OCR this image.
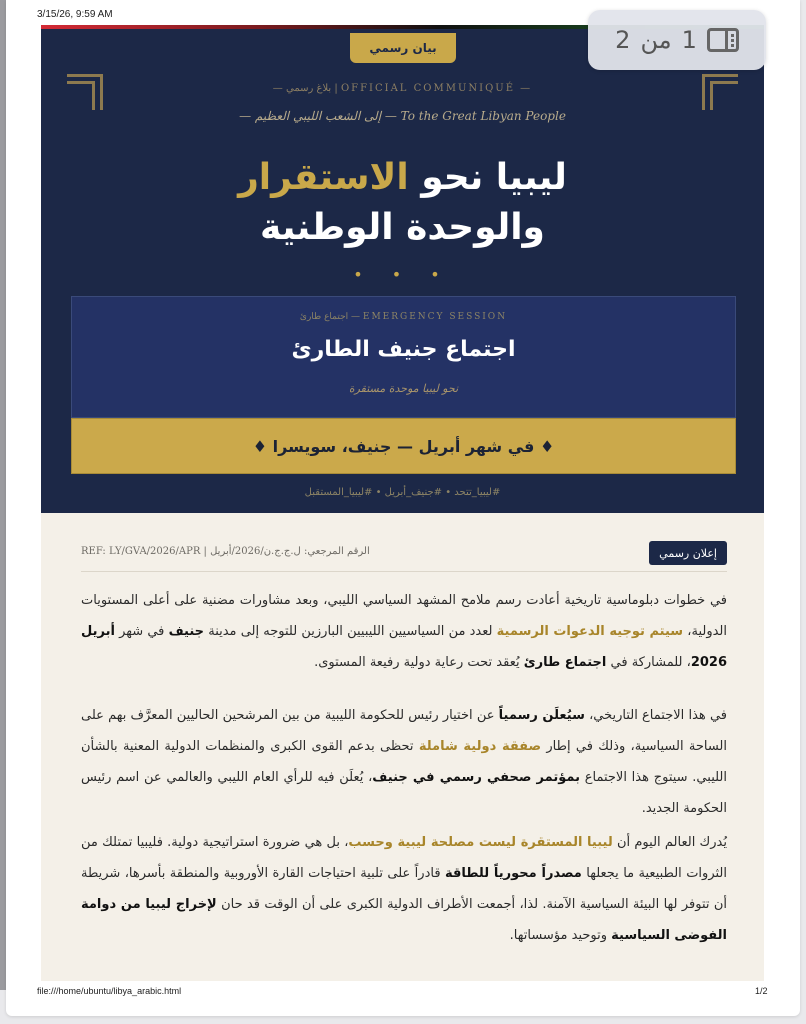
3/15/26, 9:59 AM
بيان رسمي
— بلاغ رسمي | OFFICIAL COMMUNIQUÉ —
— إلى الشعب الليبي العظيم — To the Great Libyan People
ليبيا نحو الاستقرار
والوحدة الوطنية
• • •
اجتماع طارئ — EMERGENCY SESSION
اجتماع جنيف الطارئ
نحو ليبيا موحدة مستقرة
♦ في شهر أبريل — جنيف، سويسرا ♦
#ليبيا_تتحد • #جنيف_أبريل • #ليبيا_المستقبل
إعلان رسمي
الرقم المرجعي: ل.ج.ج.ن/2026/أبريل | REF: LY/GVA/2026/APR
في خطوات دبلوماسية تاريخية أعادت رسم ملامح المشهد السياسي الليبي، وبعد مشاورات مضنية على أعلى المستويات الدولية، سيتم توجيه الدعوات الرسمية لعدد من السياسيين الليبيين البارزين للتوجه إلى مدينة جنيف في شهر أبريل 2026، للمشاركة في اجتماع طارئ يُعقد تحت رعاية دولية رفيعة المستوى.
في هذا الاجتماع التاريخي، سيُعلَن رسمياً عن اختيار رئيس للحكومة الليبية من بين المرشحين الحاليين المعرَّف بهم على الساحة السياسية، وذلك في إطار صفقة دولية شاملة تحظى بدعم القوى الكبرى والمنظمات الدولية المعنية بالشأن الليبي. سيتوج هذا الاجتماع بمؤتمر صحفي رسمي في جنيف، يُعلَن فيه للرأي العام الليبي والعالمي عن اسم رئيس الحكومة الجديد.
يُدرك العالم اليوم أن ليبيا المستقرة ليست مصلحة ليبية وحسب، بل هي ضرورة استراتيجية دولية. فليبيا تمتلك من الثروات الطبيعية ما يجعلها مصدراً محورياً للطاقة قادراً على تلبية احتياجات القارة الأوروبية والمنطقة بأسرها، شريطة أن تتوفر لها البيئة السياسية الآمنة. لذا، أجمعت الأطراف الدولية الكبرى على أن الوقت قد حان لإخراج ليبيا من دوامة الفوضى السياسية وتوحيد مؤسساتها.
file:///home/ubuntu/libya_arabic.html	1/2
1
من
2
